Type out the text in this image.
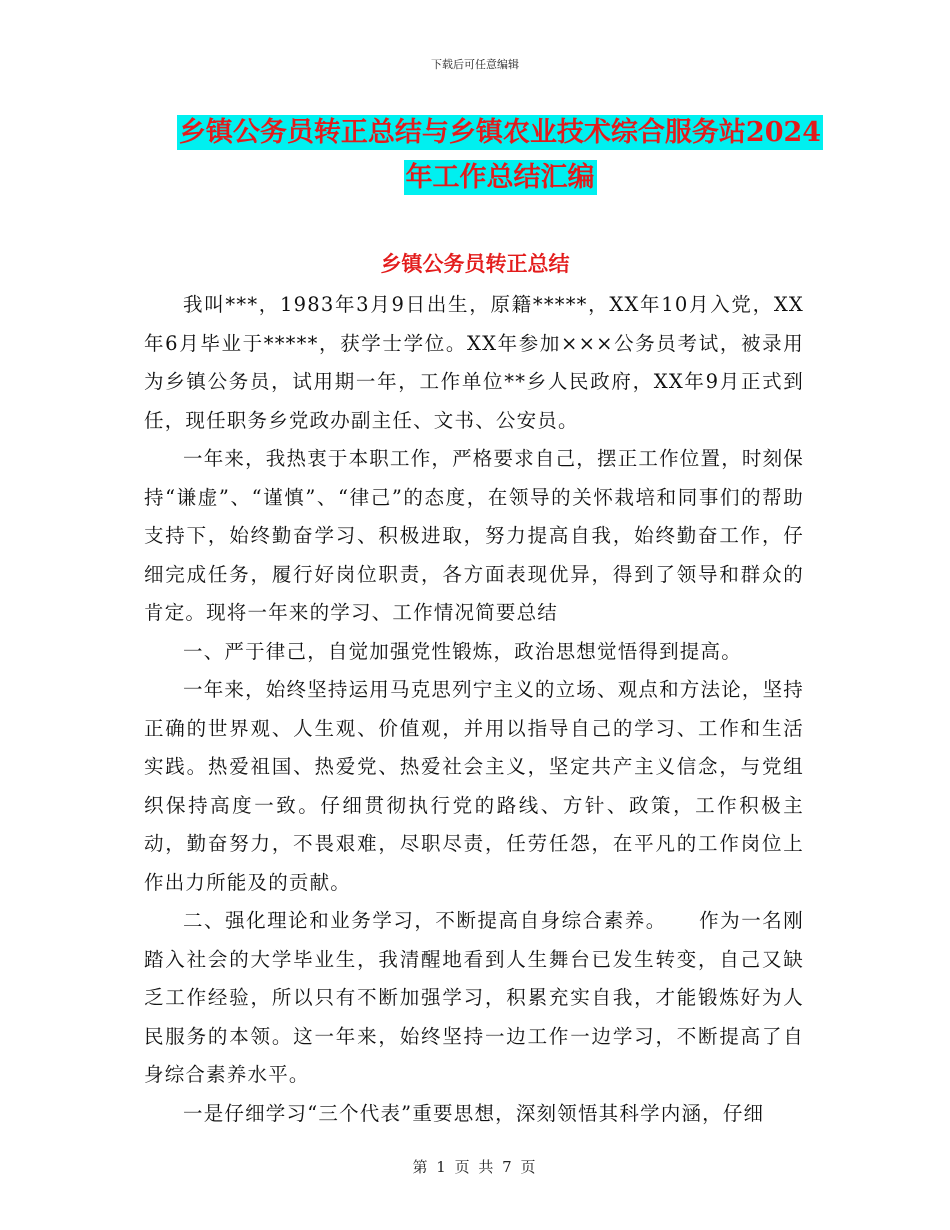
下载后可任意编辑
乡镇公务员转正总结与乡镇农业技术综合服务站2024
年工作总结汇编
乡镇公务员转正总结

我叫***，1983年3月9日出生，原籍*****，XX年10月入党，XX年6月毕业于*****，获学士学位。XX年参加×××公务员考试，被录用为乡镇公务员，试用期一年，工作单位**乡人民政府，XX年9月正式到任，现任职务乡党政办副主任、文书、公安员。

一年来，我热衷于本职工作，严格要求自己，摆正工作位置，时刻保持“谦虚”、“谨慎”、“律己”的态度，在领导的关怀栽培和同事们的帮助支持下，始终勤奋学习、积极进取，努力提高自我，始终勤奋工作，仔细完成任务，履行好岗位职责，各方面表现优异，得到了领导和群众的肯定。现将一年来的学习、工作情况简要总结

一、严于律己，自觉加强党性锻炼，政治思想觉悟得到提高。

一年来，始终坚持运用马克思列宁主义的立场、观点和方法论，坚持正确的世界观、人生观、价值观，并用以指导自己的学习、工作和生活实践。热爱祖国、热爱党、热爱社会主义，坚定共产主义信念，与党组织保持高度一致。仔细贯彻执行党的路线、方针、政策，工作积极主动，勤奋努力，不畏艰难，尽职尽责，任劳任怨，在平凡的工作岗位上作出力所能及的贡献。

二、强化理论和业务学习，不断提高自身综合素养。　　作为一名刚踏入社会的大学毕业生，我清醒地看到人生舞台已发生转变，自己又缺乏工作经验，所以只有不断加强学习，积累充实自我，才能锻炼好为人民服务的本领。这一年来，始终坚持一边工作一边学习，不断提高了自身综合素养水平。

一是仔细学习“三个代表”重要思想，深刻领悟其科学内涵，仔细

第 1 页 共 7 页
